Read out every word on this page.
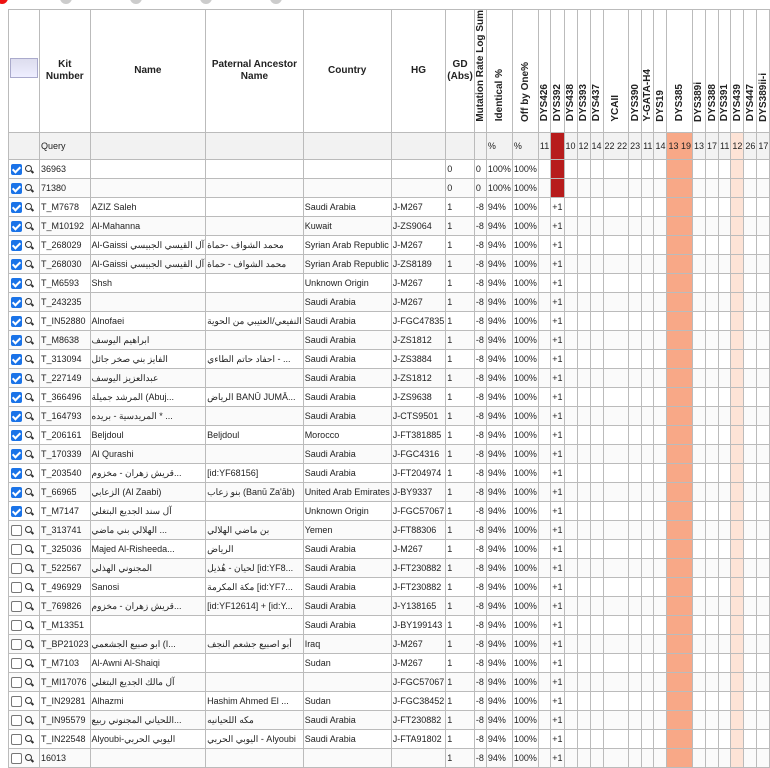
	Kit Number	Name	Paternal Ancestor Name	Country	HG	GD (Abs)	Mutation Rate Log Sum	Identical %	Off by One%	DYS426	DYS392	DYS438	DYS393	DYS437	YCAII	DYS390	Y-GATA-H4	DYS19	DYS385	DYS389i	DYS388	DYS391	DYS439	DYS447	DYS389ii-i
	Query							%	%	11		10	12	14	22 22	23	11	14	13 19	13	17	11	12	26	17
	36963					0	0	100%	100%																
	71380					0	0	100%	100%																
	T_M7678	AZIZ Saleh		Saudi Arabia	J-M267	1	-8	94%	100%		+1														
	T_M10192	Al-Mahanna		Kuwait	J-ZS9064	1	-8	94%	100%		+1														
	T_268029	Al-Gaissi آل القيسي الجبيسي	محمد الشواف -حماة	Syrian Arab Republic	J-M267	1	-8	94%	100%		+1														
	T_268030	Al-Gaissi آل القيسي الجبيسي	محمد الشواف - حماة	Syrian Arab Republic	J-ZS8189	1	-8	94%	100%		+1														
	T_M6593	Shsh		Unknown Origin	J-M267	1	-8	94%	100%		+1														
	T_243235			Saudi Arabia	J-M267	1	-8	94%	100%		+1														
	T_IN52880	Alnofaei	النفيعي/العتيبي من الحوية	Saudi Arabia	J-FGC47835	1	-8	94%	100%		+1														
	T_M8638	ابراهيم اليوسف		Saudi Arabia	J-ZS1812	1	-8	94%	100%		+1														
	T_313094	الفايز بني صخر جائل	احفاد حاتم الطاءي - ...	Saudi Arabia	J-ZS3884	1	-8	94%	100%		+1														
	T_227149	عبدالعزيز اليوسف		Saudi Arabia	J-ZS1812	1	-8	94%	100%		+1														
	T_366496	المرشد جميلة (Abuj...	الرياض BANŪ JUMĀ...	Saudi Arabia	J-ZS9638	1	-8	94%	100%		+1														
	T_164793	المريدسية - بريده * ...		Saudi Arabia	J-CTS9501	1	-8	94%	100%		+1														
	T_206161	Beljdoul	Beljdoul	Morocco	J-FT381885	1	-8	94%	100%		+1														
	T_170339	Al Qurashi		Saudi Arabia	J-FGC4316	1	-8	94%	100%		+1														
	T_203540	قريش زهران - مخزوم...	[id:YF68156]	Saudi Arabia	J-FT204974	1	-8	94%	100%		+1														
	T_66965	الزعابي (Al Zaabi)	بنو زعاب (Banū Za'āb)	United Arab Emirates	J-BY9337	1	-8	94%	100%		+1														
	T_M7147	آل سند الجديع البتغلي		Unknown Origin	J-FGC57067	1	-8	94%	100%		+1														
	T_313741	الهلالي بني ماضي ...	بن ماضي الهلالي	Yemen	J-FT88306	1	-8	94%	100%		+1														
	T_325036	Majed Al-Risheeda...	الرياض	Saudi Arabia	J-M267	1	-8	94%	100%		+1														
	T_522567	المجنوني الهذلي	لحيان - هُذيل [id:YF8...	Saudi Arabia	J-FT230882	1	-8	94%	100%		+1														
	T_496929	Sanosi	مكة المكرمة [id:YF7...	Saudi Arabia	J-FT230882	1	-8	94%	100%		+1														
	T_769826	قريش زهران - مخزوم...	[id:YF12614] + [id:Y...	Saudi Arabia	J-Y138165	1	-8	94%	100%		+1														
	T_M13351			Saudi Arabia	J-BY199143	1	-8	94%	100%		+1														
	T_BP21023	ابو صبيع الجشعمي (I...	أبو اصبيع جشعم النجف	Iraq	J-M267	1	-8	94%	100%		+1														
	T_M7103	Al-Awni Al-Shaiqi		Sudan	J-M267	1	-8	94%	100%		+1														
	T_MI17076	آل مالك الجديع البتغلي			J-FGC57067	1	-8	94%	100%		+1														
	T_IN29281	Alhazmi	Hashim Ahmed El ...	Sudan	J-FGC38452	1	-8	94%	100%		+1														
	T_IN95579	اللحياني المجنوني ربيع...	مكه اللحيانيه	Saudi Arabia	J-FT230882	1	-8	94%	100%		+1														
	T_IN22548	Alyoubi-اليوبي الحربي	اليوبي الحربي - Alyoubi	Saudi Arabia	J-FTA91802	1	-8	94%	100%		+1														
	16013					1	-8	94%	100%		+1														
